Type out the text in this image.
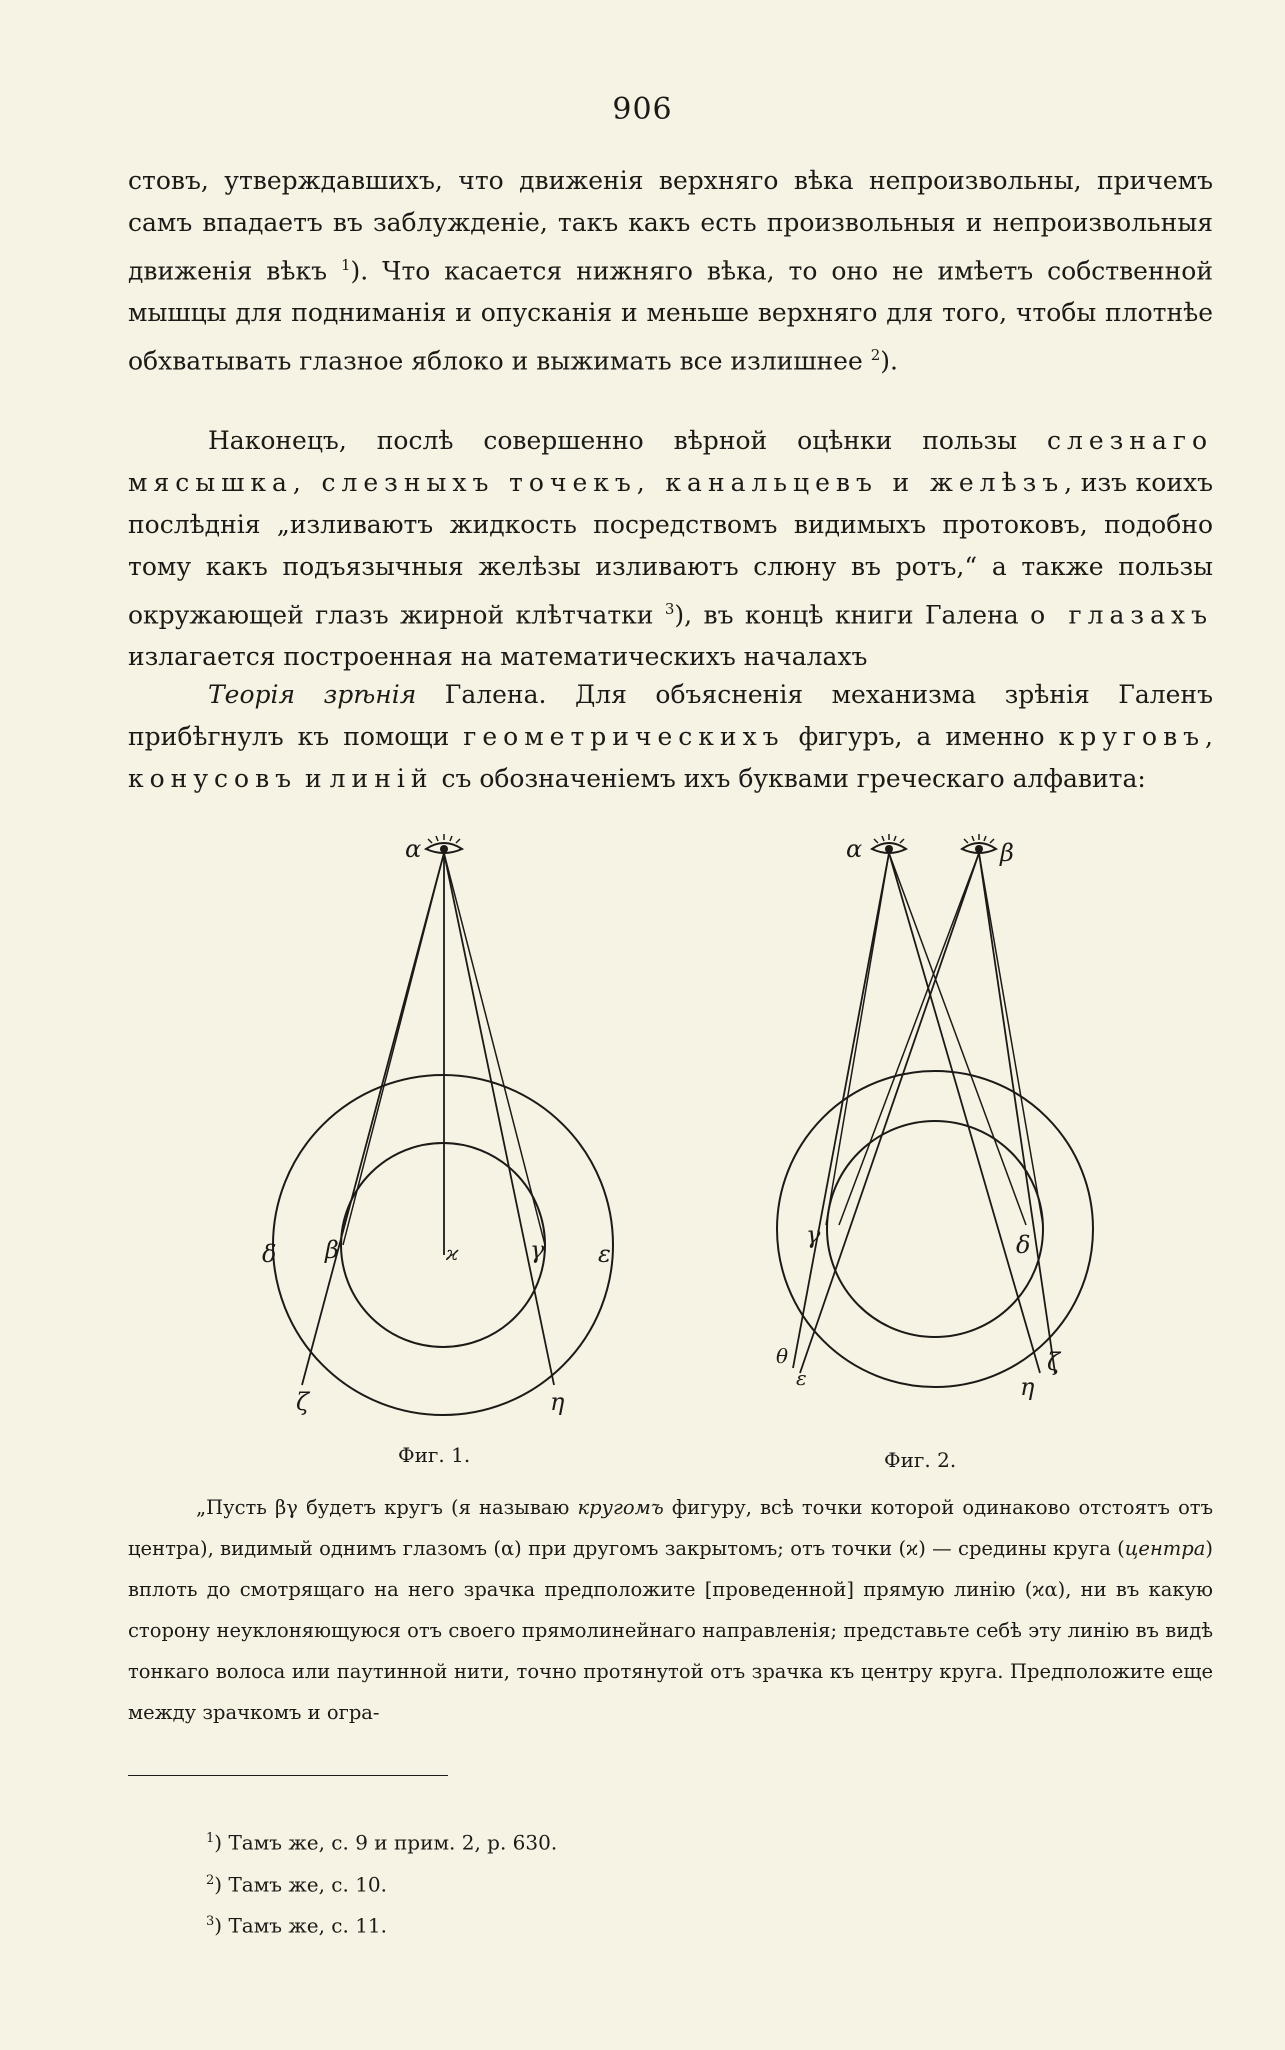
906

стовъ, утверждавшихъ, что движенія верхняго вѣка непроизвольны, причемъ самъ впадаетъ въ заблужденіе, такъ какъ есть произвольныя и непроизвольныя движенія вѣкъ $^1$). Что касается нижняго вѣка, то оно не имѣетъ собственной мышцы для подниманія и опусканія и меньше верхняго для того, чтобы плотнѣе обхватывать глазное яблоко и выжимать все излишнее $^2$).

Наконецъ, послѣ совершенно вѣрной оцѣнки пользы слезнаго мясышка, слезныхъ точекъ, канальцевъ и желѣзъ, изъ коихъ послѣднія „изливаютъ жидкость посредствомъ видимыхъ протоковъ, подобно тому какъ подъязычныя желѣзы изливаютъ слюну въ ротъ,“ а также пользы окружающей глазъ жирной клѣтчатки $^3$), въ концѣ книги Галена о глазахъ излагается построенная на математическихъ началахъ

Теорія зрѣнія Галена. Для объясненія механизма зрѣнія Галенъ прибѣгнулъ къ помощи геометрическихъ фигуръ, а именно круговъ, конусовъ и линій съ обозначеніемъ ихъ буквами греческаго алфавита:

α
δ β	ϰ	γ ε
ζ	η
α	β
γ	δ
θ
ε
ζ
η
Фиг. 1.	Фиг. 2.

„Пусть βγ будетъ кругъ (я называю кругомъ фигуру, всѣ точки которой одинаково отстоятъ отъ центра), видимый однимъ глазомъ (α) при другомъ закрытомъ; отъ точки (ϰ) — средины круга (центра) вплоть до смотрящаго на него зрачка предположите [проведенной] прямую линію (ϰα), ни въ какую сторону неуклоняющуюся отъ своего прямолинейнаго направленія; представьте себѣ эту линію въ видѣ тонкаго волоса или паутинной нити, точно протянутой отъ зрачка къ центру круга. Предположите еще между зрачкомъ и огра-

$^1$) Тамъ же, с. 9 и прим. 2, р. 630.
$^2$) Тамъ же, с. 10.
$^3$) Тамъ же, с. 11.
